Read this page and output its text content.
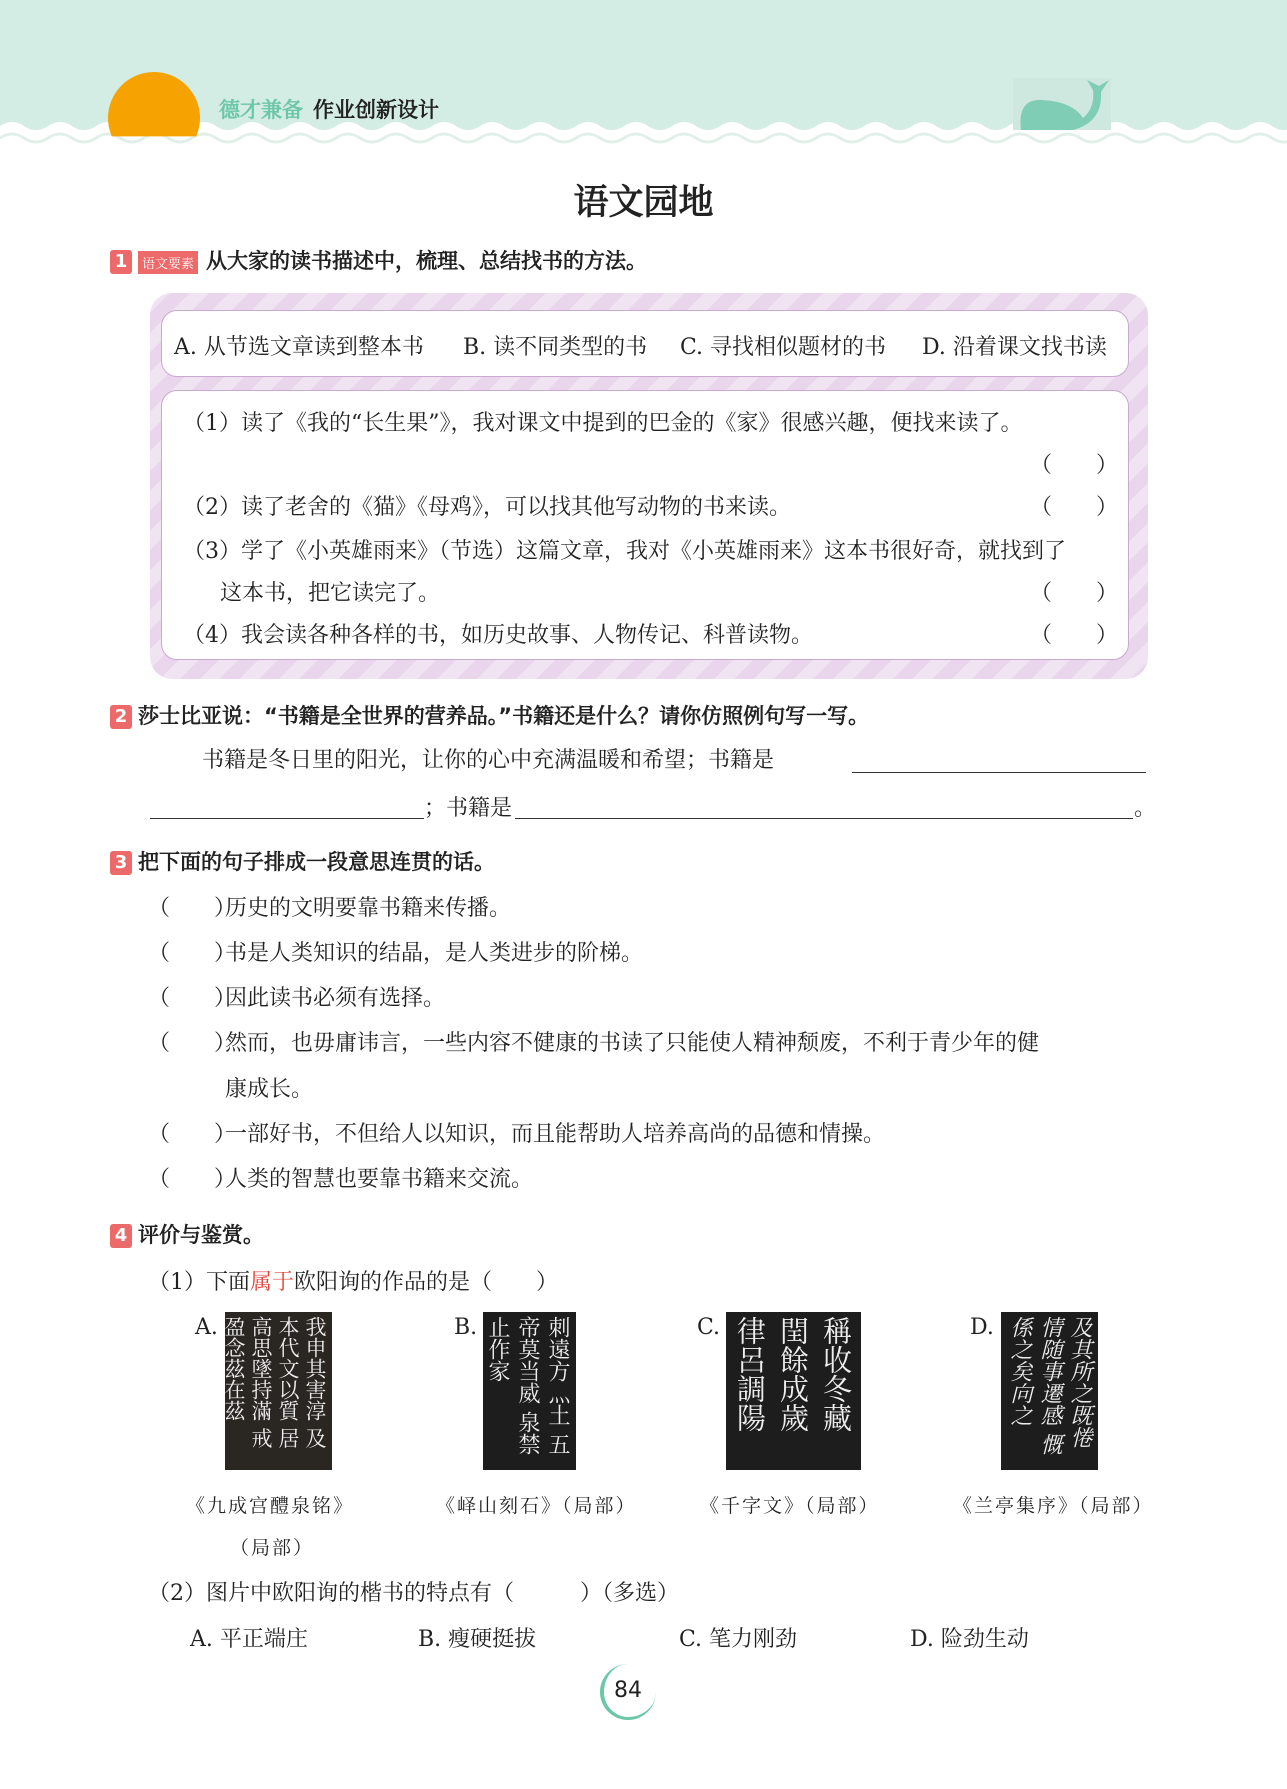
德才兼备 作业创新设计
语文园地
1 语文要素 从大家的读书描述中，梳理、总结找书的方法。
A. 从节选文章读到整本书 B. 读不同类型的书 C. 寻找相似题材的书 D. 沿着课文找书读
（1）读了《我的“长生果”》，我对课文中提到的巴金的《家》很感兴趣，便找来读了。
（　　）
（2）读了老舍的《猫》《母鸡》，可以找其他写动物的书来读。	（　　）
（3）学了《小英雄雨来》（节选）这篇文章，我对《小英雄雨来》这本书很好奇，就找到了
这本书，把它读完了。	（　　）
（4）我会读各种各样的书，如历史故事、人物传记、科普读物。	（　　）
2 莎士比亚说：“书籍是全世界的营养品。”书籍还是什么？请你仿照例句写一写。
书籍是冬日里的阳光，让你的心中充满温暖和希望；书籍是
；书籍是	。
3 把下面的句子排成一段意思连贯的话。
（　　）
历史的文明要靠书籍来传播。
（　　）
书是人类知识的结晶，是人类进步的阶梯。
（　　）
因此读书必须有选择。
（　　）
然而，也毋庸讳言，一些内容不健康的书读了只能使人精神颓废，不利于青少年的健
康成长。
（　　）
一部好书，不但给人以知识，而且能帮助人培养高尚的品德和情操。
（　　）
人类的智慧也要靠书籍来交流。
4 评价与鉴赏。
（1）下面属于欧阳询的作品的是（　　）
A.	我申其害淳 及本代文以質 居高思墜持滿 戒盈念茲在茲	B.	刺遠方灬土 五帝莫当威 泉禁止作家	C.	稱收冬藏 閏餘成歲 律呂調陽	D.	及其所之既惓 情随事遷感 慨係之矣向之
《九成宫醴泉铭》
（局部）
《峄山刻石》（局部）	《千字文》（局部）	《兰亭集序》（局部）
（2）图片中欧阳询的楷书的特点有（　　　）（多选）
A. 平正端庄	B. 瘦硬挺拔	C. 笔力刚劲	D. 险劲生动
84
